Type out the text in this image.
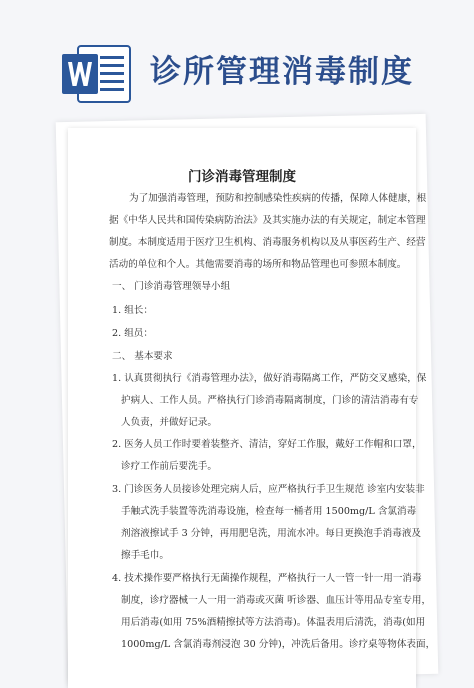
诊所管理消毒制度
门诊消毒管理制度
为了加强消毒管理，预防和控制感染性疾病的传播，保障人体健康，根
据《中华人民共和国传染病防治法》及其实施办法的有关规定，制定本管理
制度。本制度适用于医疗卫生机构、消毒服务机构以及从事医药生产、经营
活动的单位和个人。其他需要消毒的场所和物品管理也可参照本制度。
一、 门诊消毒管理领导小组
1. 组长：
2. 组员：
二、 基本要求
1. 认真贯彻执行《消毒管理办法》，做好消毒隔离工作，严防交叉感染，保
护病人、工作人员。严格执行门诊消毒隔离制度，门诊的清洁消毒有专
人负责，并做好记录。
2. 医务人员工作时要着装整齐、清洁，穿好工作服，戴好工作帽和口罩，
诊疗工作前后要洗手。
3. 门诊医务人员接诊处理完病人后，应严格执行手卫生规范 诊室内安装非
手触式洗手装置等洗消毒设施，检查每一桶者用 1500mg/L 含氯消毒
剂溶液擦试手 3 分钟，再用肥皂洗，用流水冲。每日更换泡手消毒液及
擦手毛巾。
4. 技术操作要严格执行无菌操作规程，严格执行一人一管一针一用一消毒
制度，诊疗器械一人一用一消毒或灭菌 听诊器、血压计等用品专室专用，
用后消毒(如用 75%酒精擦拭等方法消毒)。体温表用后清洗，消毒(如用
1000mg/L 含氯消毒剂浸泡 30 分钟)，冲洗后备用。诊疗桌等物体表面，
